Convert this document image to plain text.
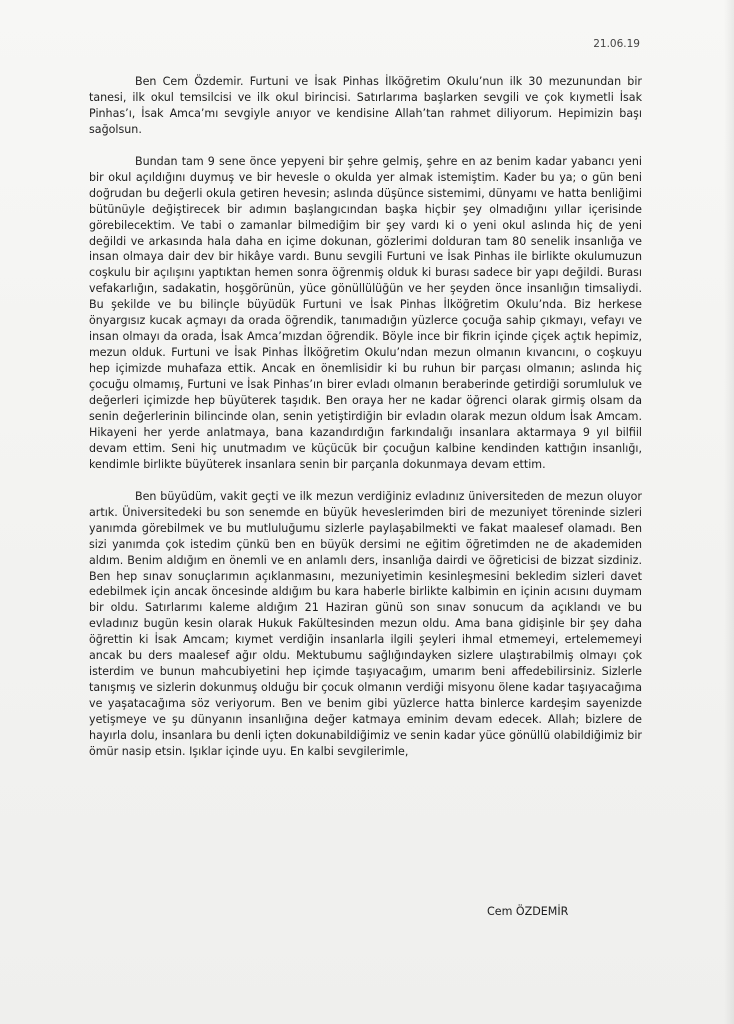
21.06.19

Ben Cem Özdemir. Furtuni ve İsak Pinhas İlköğretim Okulu’nun ilk 30 mezunundan bir tanesi, ilk okul temsilcisi ve ilk okul birincisi. Satırlarıma başlarken sevgili ve çok kıymetli İsak Pinhas’ı, İsak Amca’mı sevgiyle anıyor ve kendisine Allah’tan rahmet diliyorum. Hepimizin başı sağolsun.

Bundan tam 9 sene önce yepyeni bir şehre gelmiş, şehre en az benim kadar yabancı yeni bir okul açıldığını duymuş ve bir hevesle o okulda yer almak istemiştim. Kader bu ya; o gün beni doğrudan bu değerli okula getiren hevesin; aslında düşünce sistemimi, dünyamı ve hatta benliğimi bütünüyle değiştirecek bir adımın başlangıcından başka hiçbir şey olmadığını yıllar içerisinde görebilecektim. Ve tabi o zamanlar bilmediğim bir şey vardı ki o yeni okul aslında hiç de yeni değildi ve arkasında hala daha en içime dokunan, gözlerimi dolduran tam 80 senelik insanlığa ve insan olmaya dair dev bir hikâye vardı. Bunu sevgili Furtuni ve İsak Pinhas ile birlikte okulumuzun coşkulu bir açılışını yaptıktan hemen sonra öğrenmiş olduk ki burası sadece bir yapı değildi. Burası vefakarlığın, sadakatin, hoşgörünün, yüce gönüllülüğün ve her şeyden önce insanlığın timsaliydi. Bu şekilde ve bu bilinçle büyüdük Furtuni ve İsak Pinhas İlköğretim Okulu’nda. Biz herkese önyargısız kucak açmayı da orada öğrendik, tanımadığın yüzlerce çocuğa sahip çıkmayı, vefayı ve insan olmayı da orada, İsak Amca’mızdan öğrendik. Böyle ince bir fikrin içinde çiçek açtık hepimiz, mezun olduk. Furtuni ve İsak Pinhas İlköğretim Okulu’ndan mezun olmanın kıvancını, o coşkuyu hep içimizde muhafaza ettik. Ancak en önemlisidir ki bu ruhun bir parçası olmanın; aslında hiç çocuğu olmamış, Furtuni ve İsak Pinhas’ın birer evladı olmanın beraberinde getirdiği sorumluluk ve değerleri içimizde hep büyüterek taşıdık. Ben oraya her ne kadar öğrenci olarak girmiş olsam da senin değerlerinin bilincinde olan, senin yetiştirdiğin bir evladın olarak mezun oldum İsak Amcam. Hikayeni her yerde anlatmaya, bana kazandırdığın farkındalığı insanlara aktarmaya 9 yıl bilfiil devam ettim. Seni hiç unutmadım ve küçücük bir çocuğun kalbine kendinden kattığın insanlığı, kendimle birlikte büyüterek insanlara senin bir parçanla dokunmaya devam ettim.

Ben büyüdüm, vakit geçti ve ilk mezun verdiğiniz evladınız üniversiteden de mezun oluyor artık. Üniversitedeki bu son senemde en büyük heveslerimden biri de mezuniyet töreninde sizleri yanımda görebilmek ve bu mutluluğumu sizlerle paylaşabilmekti ve fakat maalesef olamadı. Ben sizi yanımda çok istedim çünkü ben en büyük dersimi ne eğitim öğretimden ne de akademiden aldım. Benim aldığım en önemli ve en anlamlı ders, insanlığa dairdi ve öğreticisi de bizzat sizdiniz. Ben hep sınav sonuçlarımın açıklanmasını, mezuniyetimin kesinleşmesini bekledim sizleri davet edebilmek için ancak öncesinde aldığım bu kara haberle birlikte kalbimin en içinin acısını duymam bir oldu. Satırlarımı kaleme aldığım 21 Haziran günü son sınav sonucum da açıklandı ve bu evladınız bugün kesin olarak Hukuk Fakültesinden mezun oldu. Ama bana gidişinle bir şey daha öğrettin ki İsak Amcam; kıymet verdiğin insanlarla ilgili şeyleri ihmal etmemeyi, ertelememeyi ancak bu ders maalesef ağır oldu. Mektubumu sağlığındayken sizlere ulaştırabilmiş olmayı çok isterdim ve bunun mahcubiyetini hep içimde taşıyacağım, umarım beni affedebilirsiniz. Sizlerle tanışmış ve sizlerin dokunmuş olduğu bir çocuk olmanın verdiği misyonu ölene kadar taşıyacağıma ve yaşatacağıma söz veriyorum. Ben ve benim gibi yüzlerce hatta binlerce kardeşim sayenizde yetişmeye ve şu dünyanın insanlığına değer katmaya eminim devam edecek. Allah; bizlere de hayırla dolu, insanlara bu denli içten dokunabildiğimiz ve senin kadar yüce gönüllü olabildiğimiz bir ömür nasip etsin. Işıklar içinde uyu. En kalbi sevgilerimle,

Cem ÖZDEMİR
